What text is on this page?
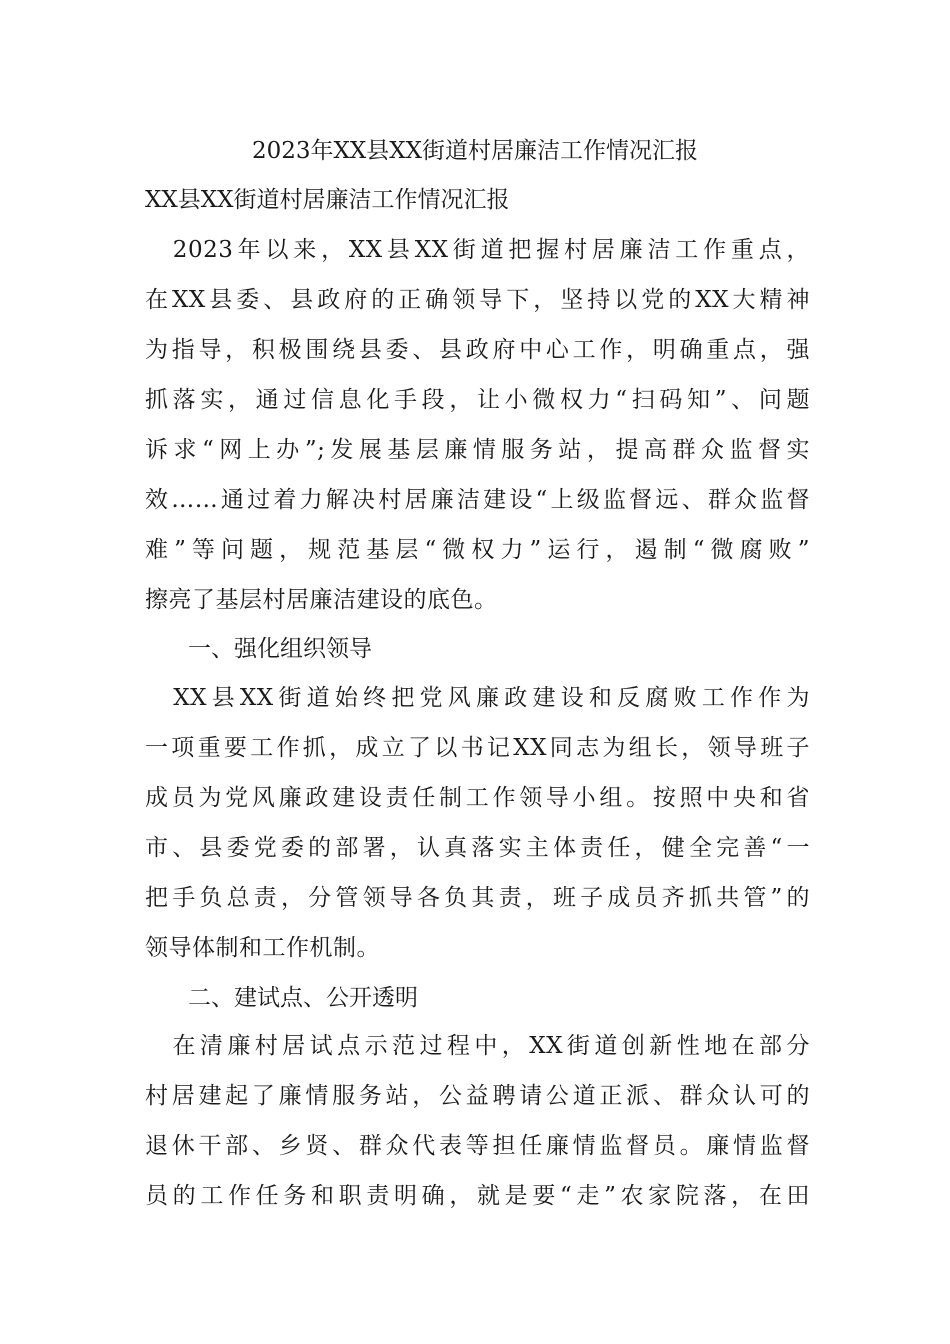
2023年XX县XX街道村居廉洁工作情况汇报
XX县XX街道村居廉洁工作情况汇报
　2023年以来，XX县XX街道把握村居廉洁工作重点，
在XX县委、县政府的正确领导下，坚持以党的XX大精神
为指导，积极围绕县委、县政府中心工作，明确重点，强
抓落实，通过信息化手段，让小微权力“扫码知”、问题
诉求“网上办”;发展基层廉情服务站，提高群众监督实
效……通过着力解决村居廉洁建设“上级监督远、群众监督
难”等问题，规范基层“微权力”运行，遏制“微腐败”
擦亮了基层村居廉洁建设的底色。
一、强化组织领导
　XX县XX街道始终把党风廉政建设和反腐败工作作为
一项重要工作抓，成立了以书记XX同志为组长，领导班子
成员为党风廉政建设责任制工作领导小组。按照中央和省
市、县委党委的部署，认真落实主体责任，健全完善“一
把手负总责，分管领导各负其责，班子成员齐抓共管”的
领导体制和工作机制。
二、建试点、公开透明
　在清廉村居试点示范过程中，XX街道创新性地在部分
村居建起了廉情服务站，公益聘请公道正派、群众认可的
退休干部、乡贤、群众代表等担任廉情监督员。廉情监督
员的工作任务和职责明确，就是要“走”农家院落，在田
